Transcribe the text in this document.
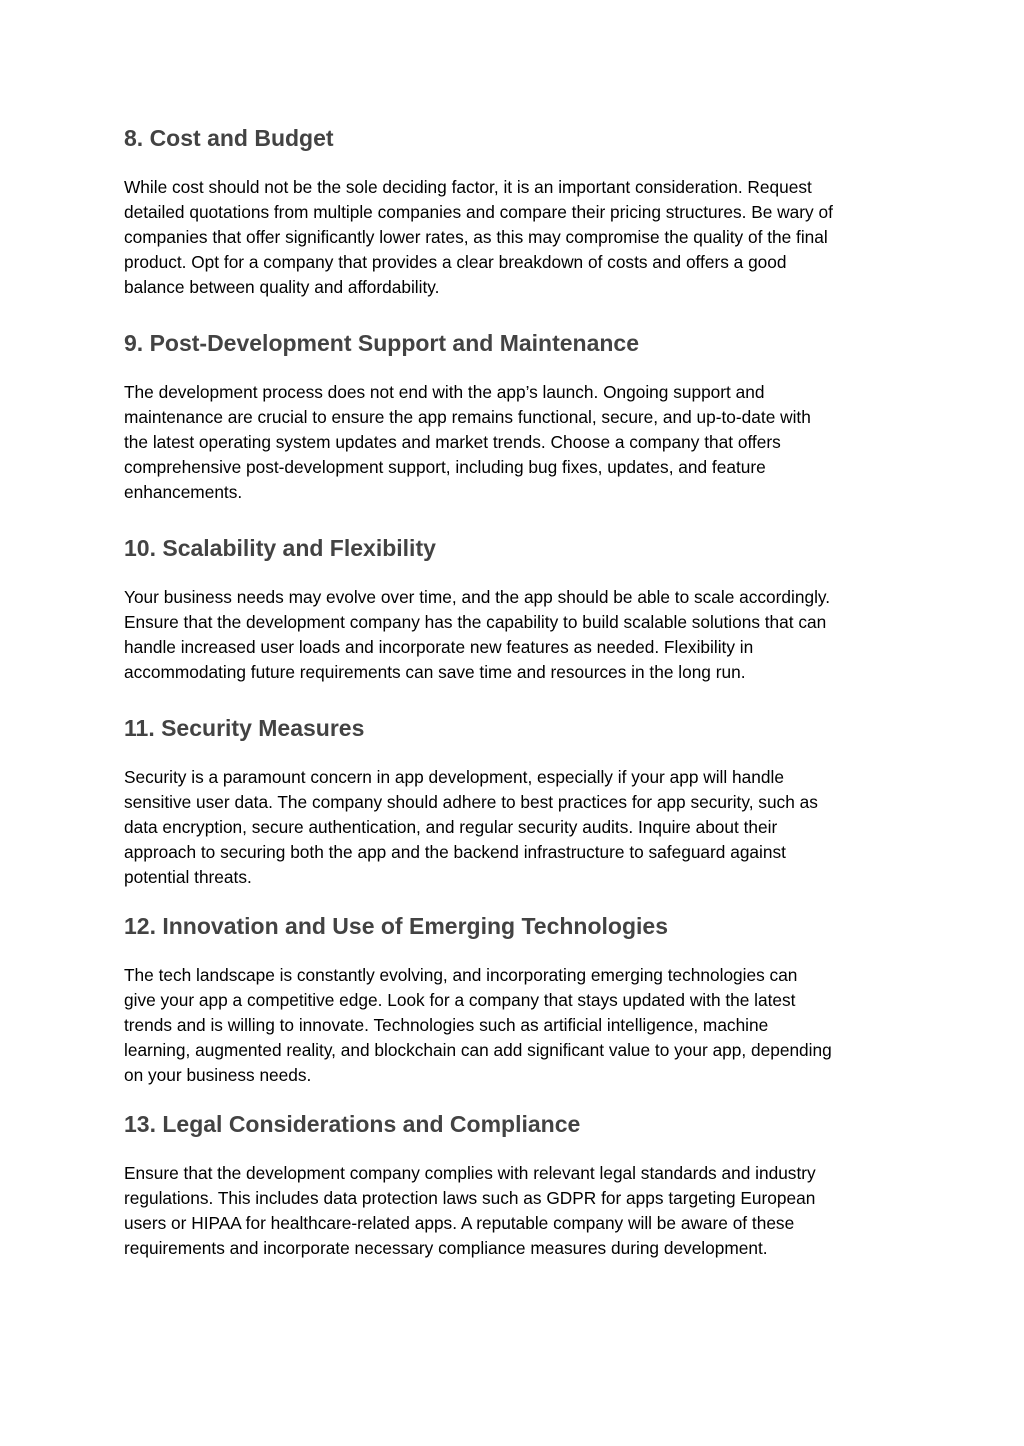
8. Cost and Budget

While cost should not be the sole deciding factor, it is an important consideration. Request
detailed quotations from multiple companies and compare their pricing structures. Be wary of
companies that offer significantly lower rates, as this may compromise the quality of the final
product. Opt for a company that provides a clear breakdown of costs and offers a good
balance between quality and affordability.

9. Post-Development Support and Maintenance

The development process does not end with the app’s launch. Ongoing support and
maintenance are crucial to ensure the app remains functional, secure, and up-to-date with
the latest operating system updates and market trends. Choose a company that offers
comprehensive post-development support, including bug fixes, updates, and feature
enhancements.

10. Scalability and Flexibility

Your business needs may evolve over time, and the app should be able to scale accordingly.
Ensure that the development company has the capability to build scalable solutions that can
handle increased user loads and incorporate new features as needed. Flexibility in
accommodating future requirements can save time and resources in the long run.

11. Security Measures

Security is a paramount concern in app development, especially if your app will handle
sensitive user data. The company should adhere to best practices for app security, such as
data encryption, secure authentication, and regular security audits. Inquire about their
approach to securing both the app and the backend infrastructure to safeguard against
potential threats.

12. Innovation and Use of Emerging Technologies

The tech landscape is constantly evolving, and incorporating emerging technologies can
give your app a competitive edge. Look for a company that stays updated with the latest
trends and is willing to innovate. Technologies such as artificial intelligence, machine
learning, augmented reality, and blockchain can add significant value to your app, depending
on your business needs.

13. Legal Considerations and Compliance

Ensure that the development company complies with relevant legal standards and industry
regulations. This includes data protection laws such as GDPR for apps targeting European
users or HIPAA for healthcare-related apps. A reputable company will be aware of these
requirements and incorporate necessary compliance measures during development.
